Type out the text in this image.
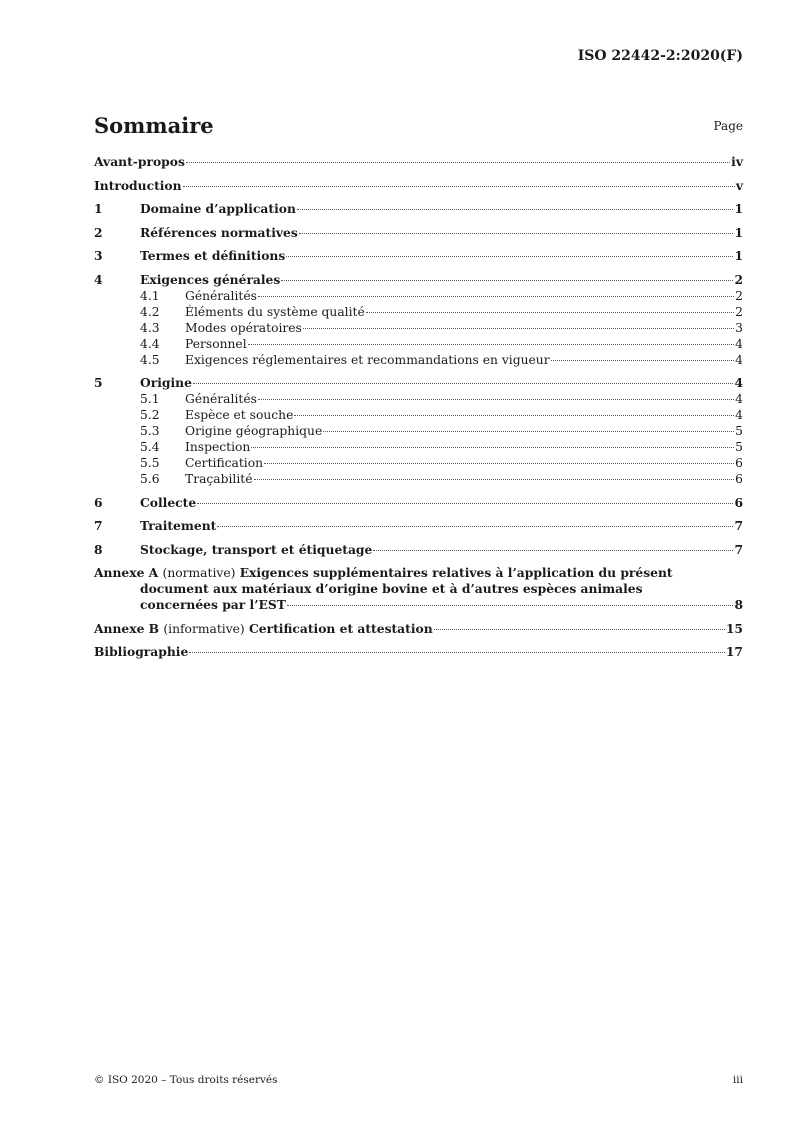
ISO 22442-2:2020(F)
Sommaire	Page
Avant-propos	iv
Introduction	v
1	Domaine d’application	1
2	Références normatives	1
3	Termes et définitions	1
4	Exigences générales	2
4.1	Généralités	2
4.2	Éléments du système qualité	2
4.3	Modes opératoires	3
4.4	Personnel	4
4.5	Exigences réglementaires et recommandations en vigueur	4
5	Origine	4
5.1	Généralités	4
5.2	Espèce et souche	4
5.3	Origine géographique	5
5.4	Inspection	5
5.5	Certification	6
5.6	Traçabilité	6
6	Collecte	6
7	Traitement	7
8	Stockage, transport et étiquetage	7
Annexe A (normative) Exigences supplémentaires relatives à l’application du présent
document aux matériaux d’origine bovine et à d’autres espèces animales
concernées par l’EST	8
Annexe B (informative) Certification et attestation	15
Bibliographie	17
© ISO 2020 – Tous droits réservés	iii
